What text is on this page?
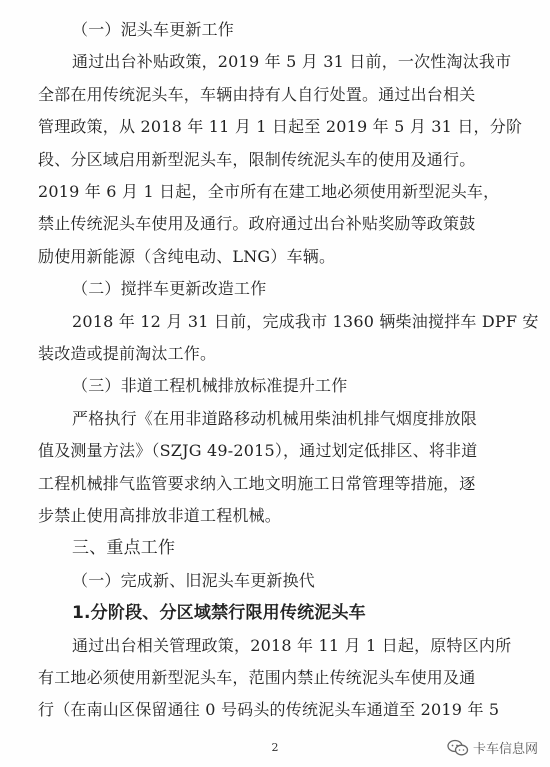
（一）泥头车更新工作
通过出台补贴政策，2019 年 5 月 31 日前，一次性淘汰我市
全部在用传统泥头车，车辆由持有人自行处置。通过出台相关
管理政策，从 2018 年 11 月 1 日起至 2019 年 5 月 31 日，分阶
段、分区域启用新型泥头车，限制传统泥头车的使用及通行。
2019 年 6 月 1 日起，全市所有在建工地必须使用新型泥头车，
禁止传统泥头车使用及通行。政府通过出台补贴奖励等政策鼓
励使用新能源（含纯电动、LNG）车辆。
（二）搅拌车更新改造工作
2018 年 12 月 31 日前，完成我市 1360 辆柴油搅拌车 DPF 安
装改造或提前淘汰工作。
（三）非道工程机械排放标准提升工作
严格执行《在用非道路移动机械用柴油机排气烟度排放限
值及测量方法》（SZJG 49-2015），通过划定低排区、将非道
工程机械排气监管要求纳入工地文明施工日常管理等措施，逐
步禁止使用高排放非道工程机械。
三、重点工作
（一）完成新、旧泥头车更新换代
1.分阶段、分区域禁行限用传统泥头车
通过出台相关管理政策，2018 年 11 月 1 日起，原特区内所
有工地必须使用新型泥头车，范围内禁止传统泥头车使用及通
行（在南山区保留通往 0 号码头的传统泥头车通道至 2019 年 5
2	卡车信息网
